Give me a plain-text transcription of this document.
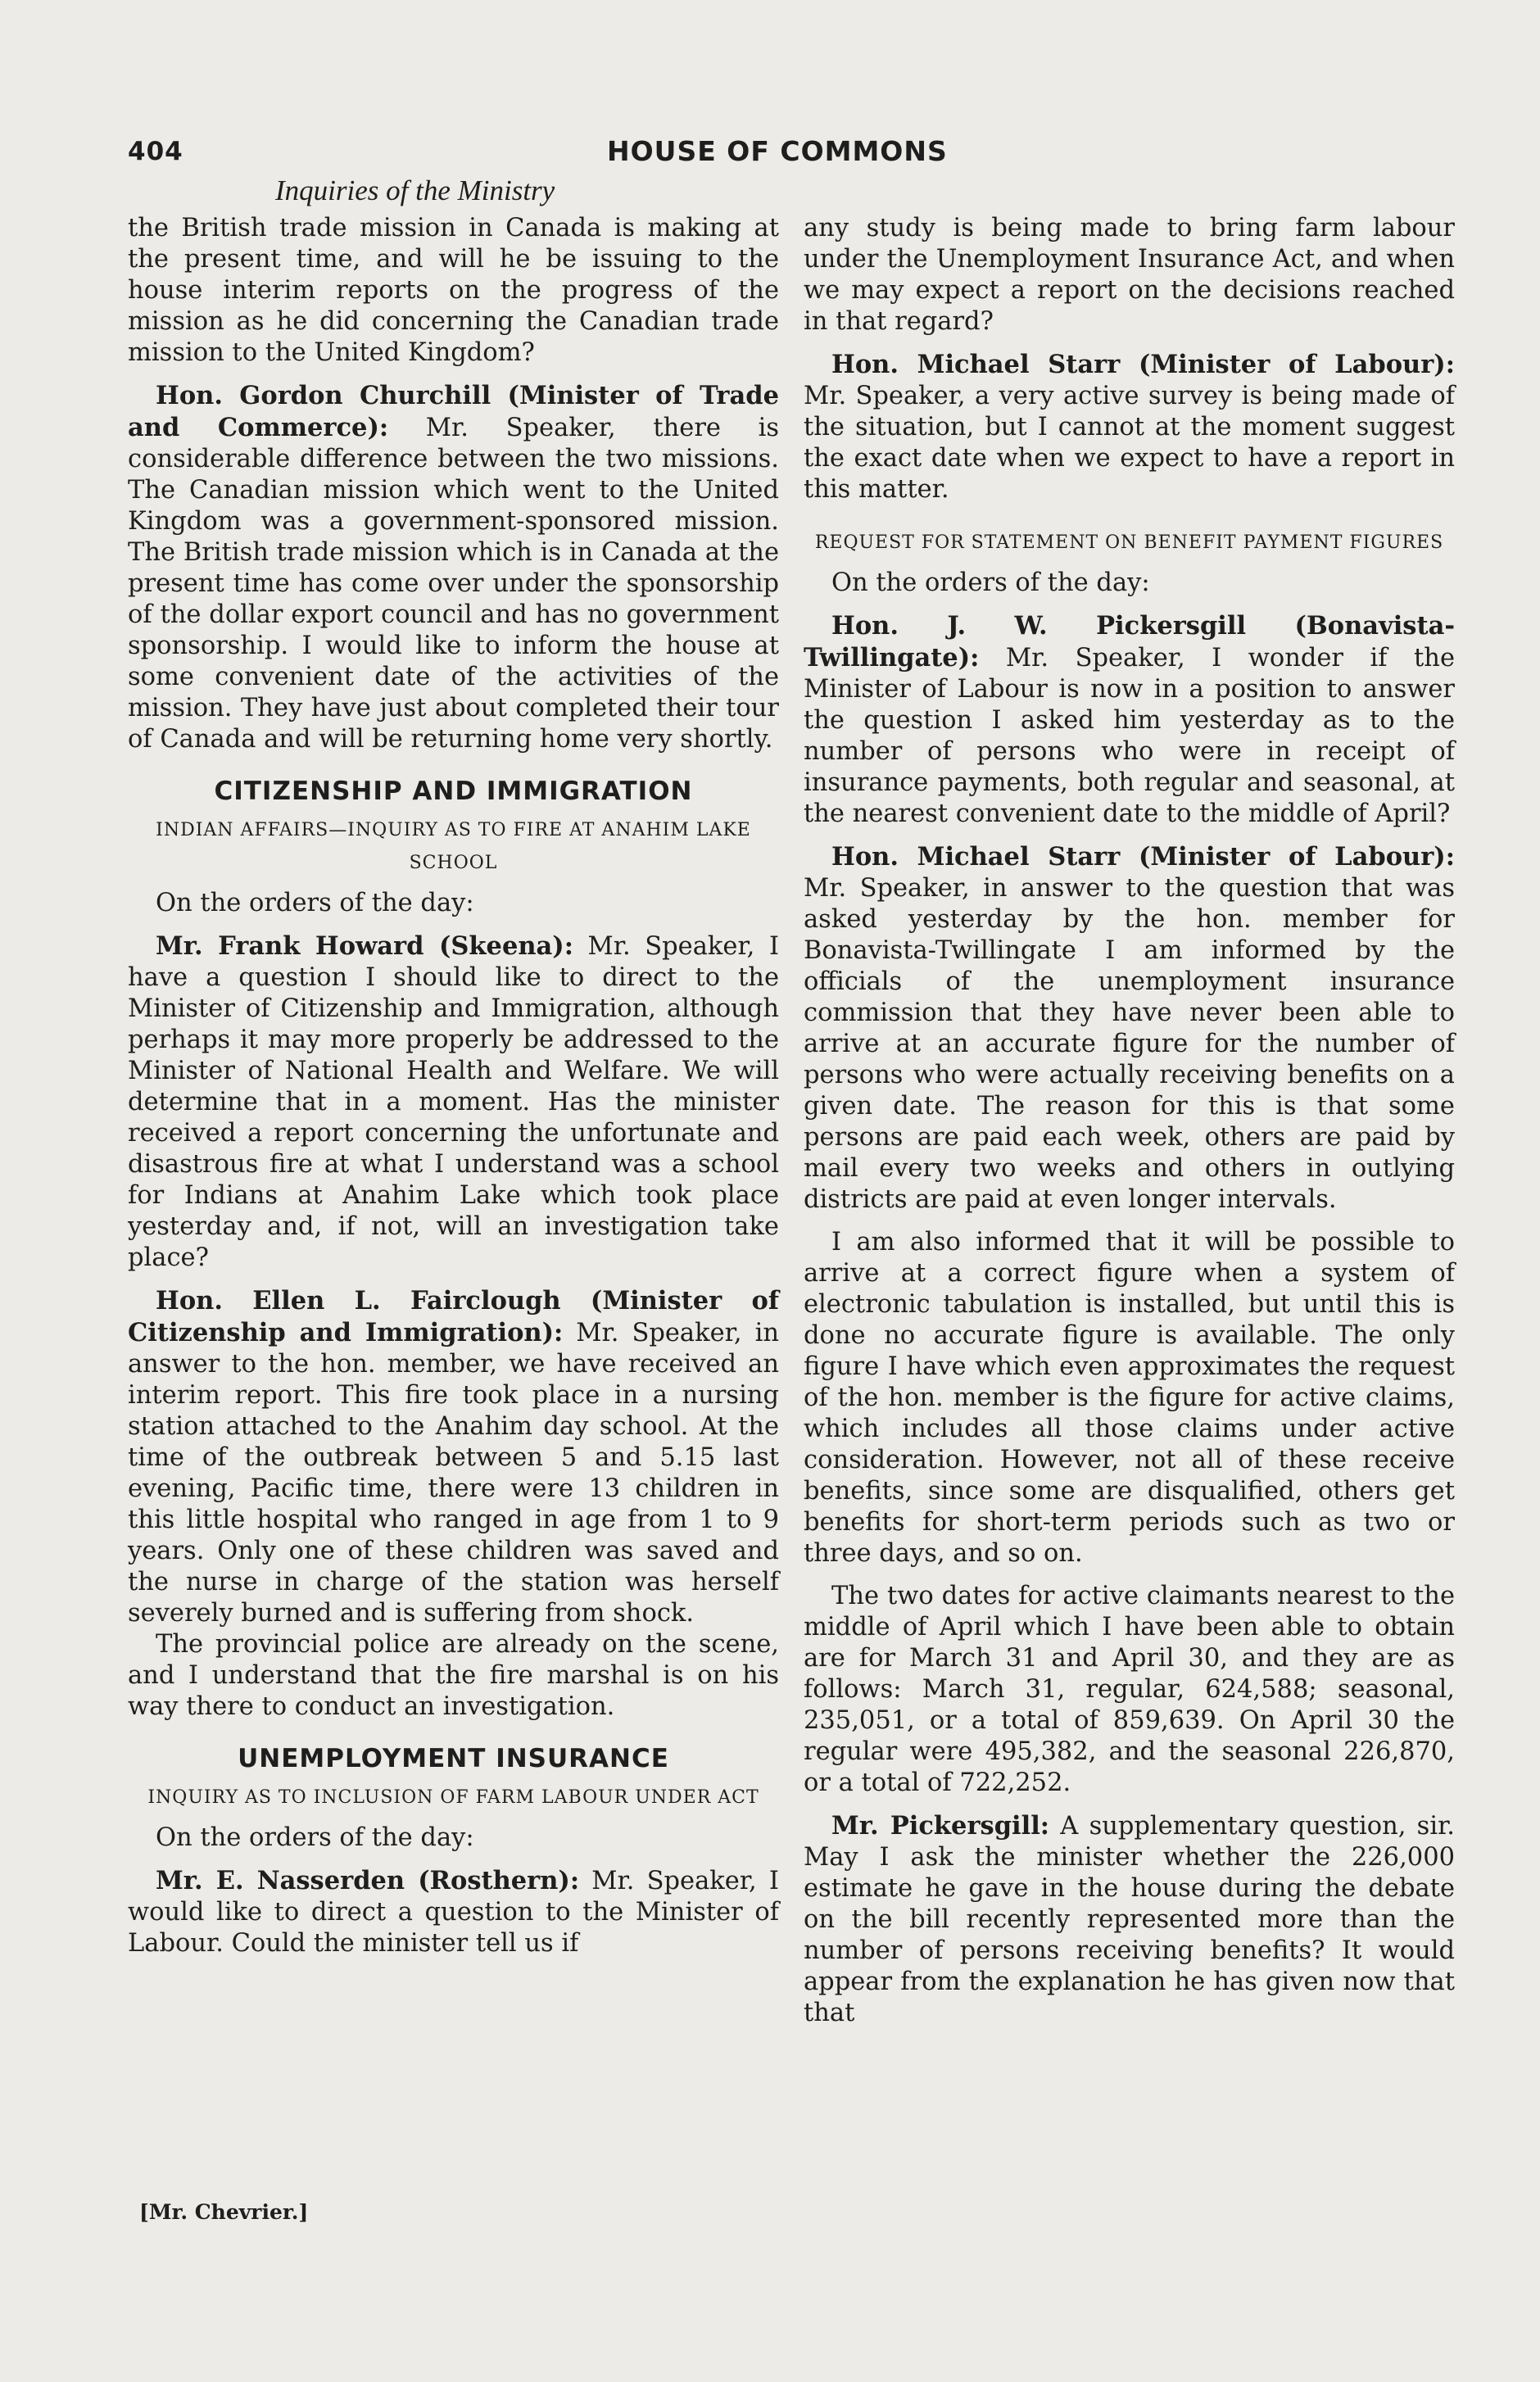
404	HOUSE OF COMMONS
Inquiries of the Ministry

the British trade mission in Canada is making at the present time, and will he be issuing to the house interim reports on the progress of the mission as he did concerning the Canadian trade mission to the United Kingdom?

Hon. Gordon Churchill (Minister of Trade and Commerce): Mr. Speaker, there is considerable difference between the two missions. The Canadian mission which went to the United Kingdom was a government-sponsored mission. The British trade mission which is in Canada at the present time has come over under the sponsorship of the dollar export council and has no government sponsorship. I would like to inform the house at some convenient date of the activities of the mission. They have just about completed their tour of Canada and will be returning home very shortly.

CITIZENSHIP AND IMMIGRATION
INDIAN AFFAIRS—INQUIRY AS TO FIRE AT ANAHIM LAKE SCHOOL

On the orders of the day:

Mr. Frank Howard (Skeena): Mr. Speaker, I have a question I should like to direct to the Minister of Citizenship and Immigration, although perhaps it may more properly be addressed to the Minister of National Health and Welfare. We will determine that in a moment. Has the minister received a report concerning the unfortunate and disastrous fire at what I understand was a school for Indians at Anahim Lake which took place yesterday and, if not, will an investigation take place?

Hon. Ellen L. Fairclough (Minister of Citizenship and Immigration): Mr. Speaker, in answer to the hon. member, we have received an interim report. This fire took place in a nursing station attached to the Anahim day school. At the time of the outbreak between 5 and 5.15 last evening, Pacific time, there were 13 children in this little hospital who ranged in age from 1 to 9 years. Only one of these children was saved and the nurse in charge of the station was herself severely burned and is suffering from shock.

The provincial police are already on the scene, and I understand that the fire marshal is on his way there to conduct an investigation.

UNEMPLOYMENT INSURANCE
INQUIRY AS TO INCLUSION OF FARM LABOUR UNDER ACT

On the orders of the day:

Mr. E. Nasserden (Rosthern): Mr. Speaker, I would like to direct a question to the Minister of Labour. Could the minister tell us if

any study is being made to bring farm labour under the Unemployment Insurance Act, and when we may expect a report on the decisions reached in that regard?

Hon. Michael Starr (Minister of Labour): Mr. Speaker, a very active survey is being made of the situation, but I cannot at the moment suggest the exact date when we expect to have a report in this matter.

REQUEST FOR STATEMENT ON BENEFIT PAYMENT FIGURES

On the orders of the day:

Hon. J. W. Pickersgill (Bonavista-Twillingate): Mr. Speaker, I wonder if the Minister of Labour is now in a position to answer the question I asked him yesterday as to the number of persons who were in receipt of insurance payments, both regular and seasonal, at the nearest convenient date to the middle of April?

Hon. Michael Starr (Minister of Labour): Mr. Speaker, in answer to the question that was asked yesterday by the hon. member for Bonavista-Twillingate I am informed by the officials of the unemployment insurance commission that they have never been able to arrive at an accurate figure for the number of persons who were actually receiving benefits on a given date. The reason for this is that some persons are paid each week, others are paid by mail every two weeks and others in outlying districts are paid at even longer intervals.

I am also informed that it will be possible to arrive at a correct figure when a system of electronic tabulation is installed, but until this is done no accurate figure is available. The only figure I have which even approximates the request of the hon. member is the figure for active claims, which includes all those claims under active consideration. However, not all of these receive benefits, since some are disqualified, others get benefits for short-term periods such as two or three days, and so on.

The two dates for active claimants nearest to the middle of April which I have been able to obtain are for March 31 and April 30, and they are as follows: March 31, regular, 624,588; seasonal, 235,051, or a total of 859,639. On April 30 the regular were 495,382, and the seasonal 226,870, or a total of 722,252.

Mr. Pickersgill: A supplementary question, sir. May I ask the minister whether the 226,000 estimate he gave in the house during the debate on the bill recently represented more than the number of persons receiving benefits? It would appear from the explanation he has given now that that

[Mr. Chevrier.]
